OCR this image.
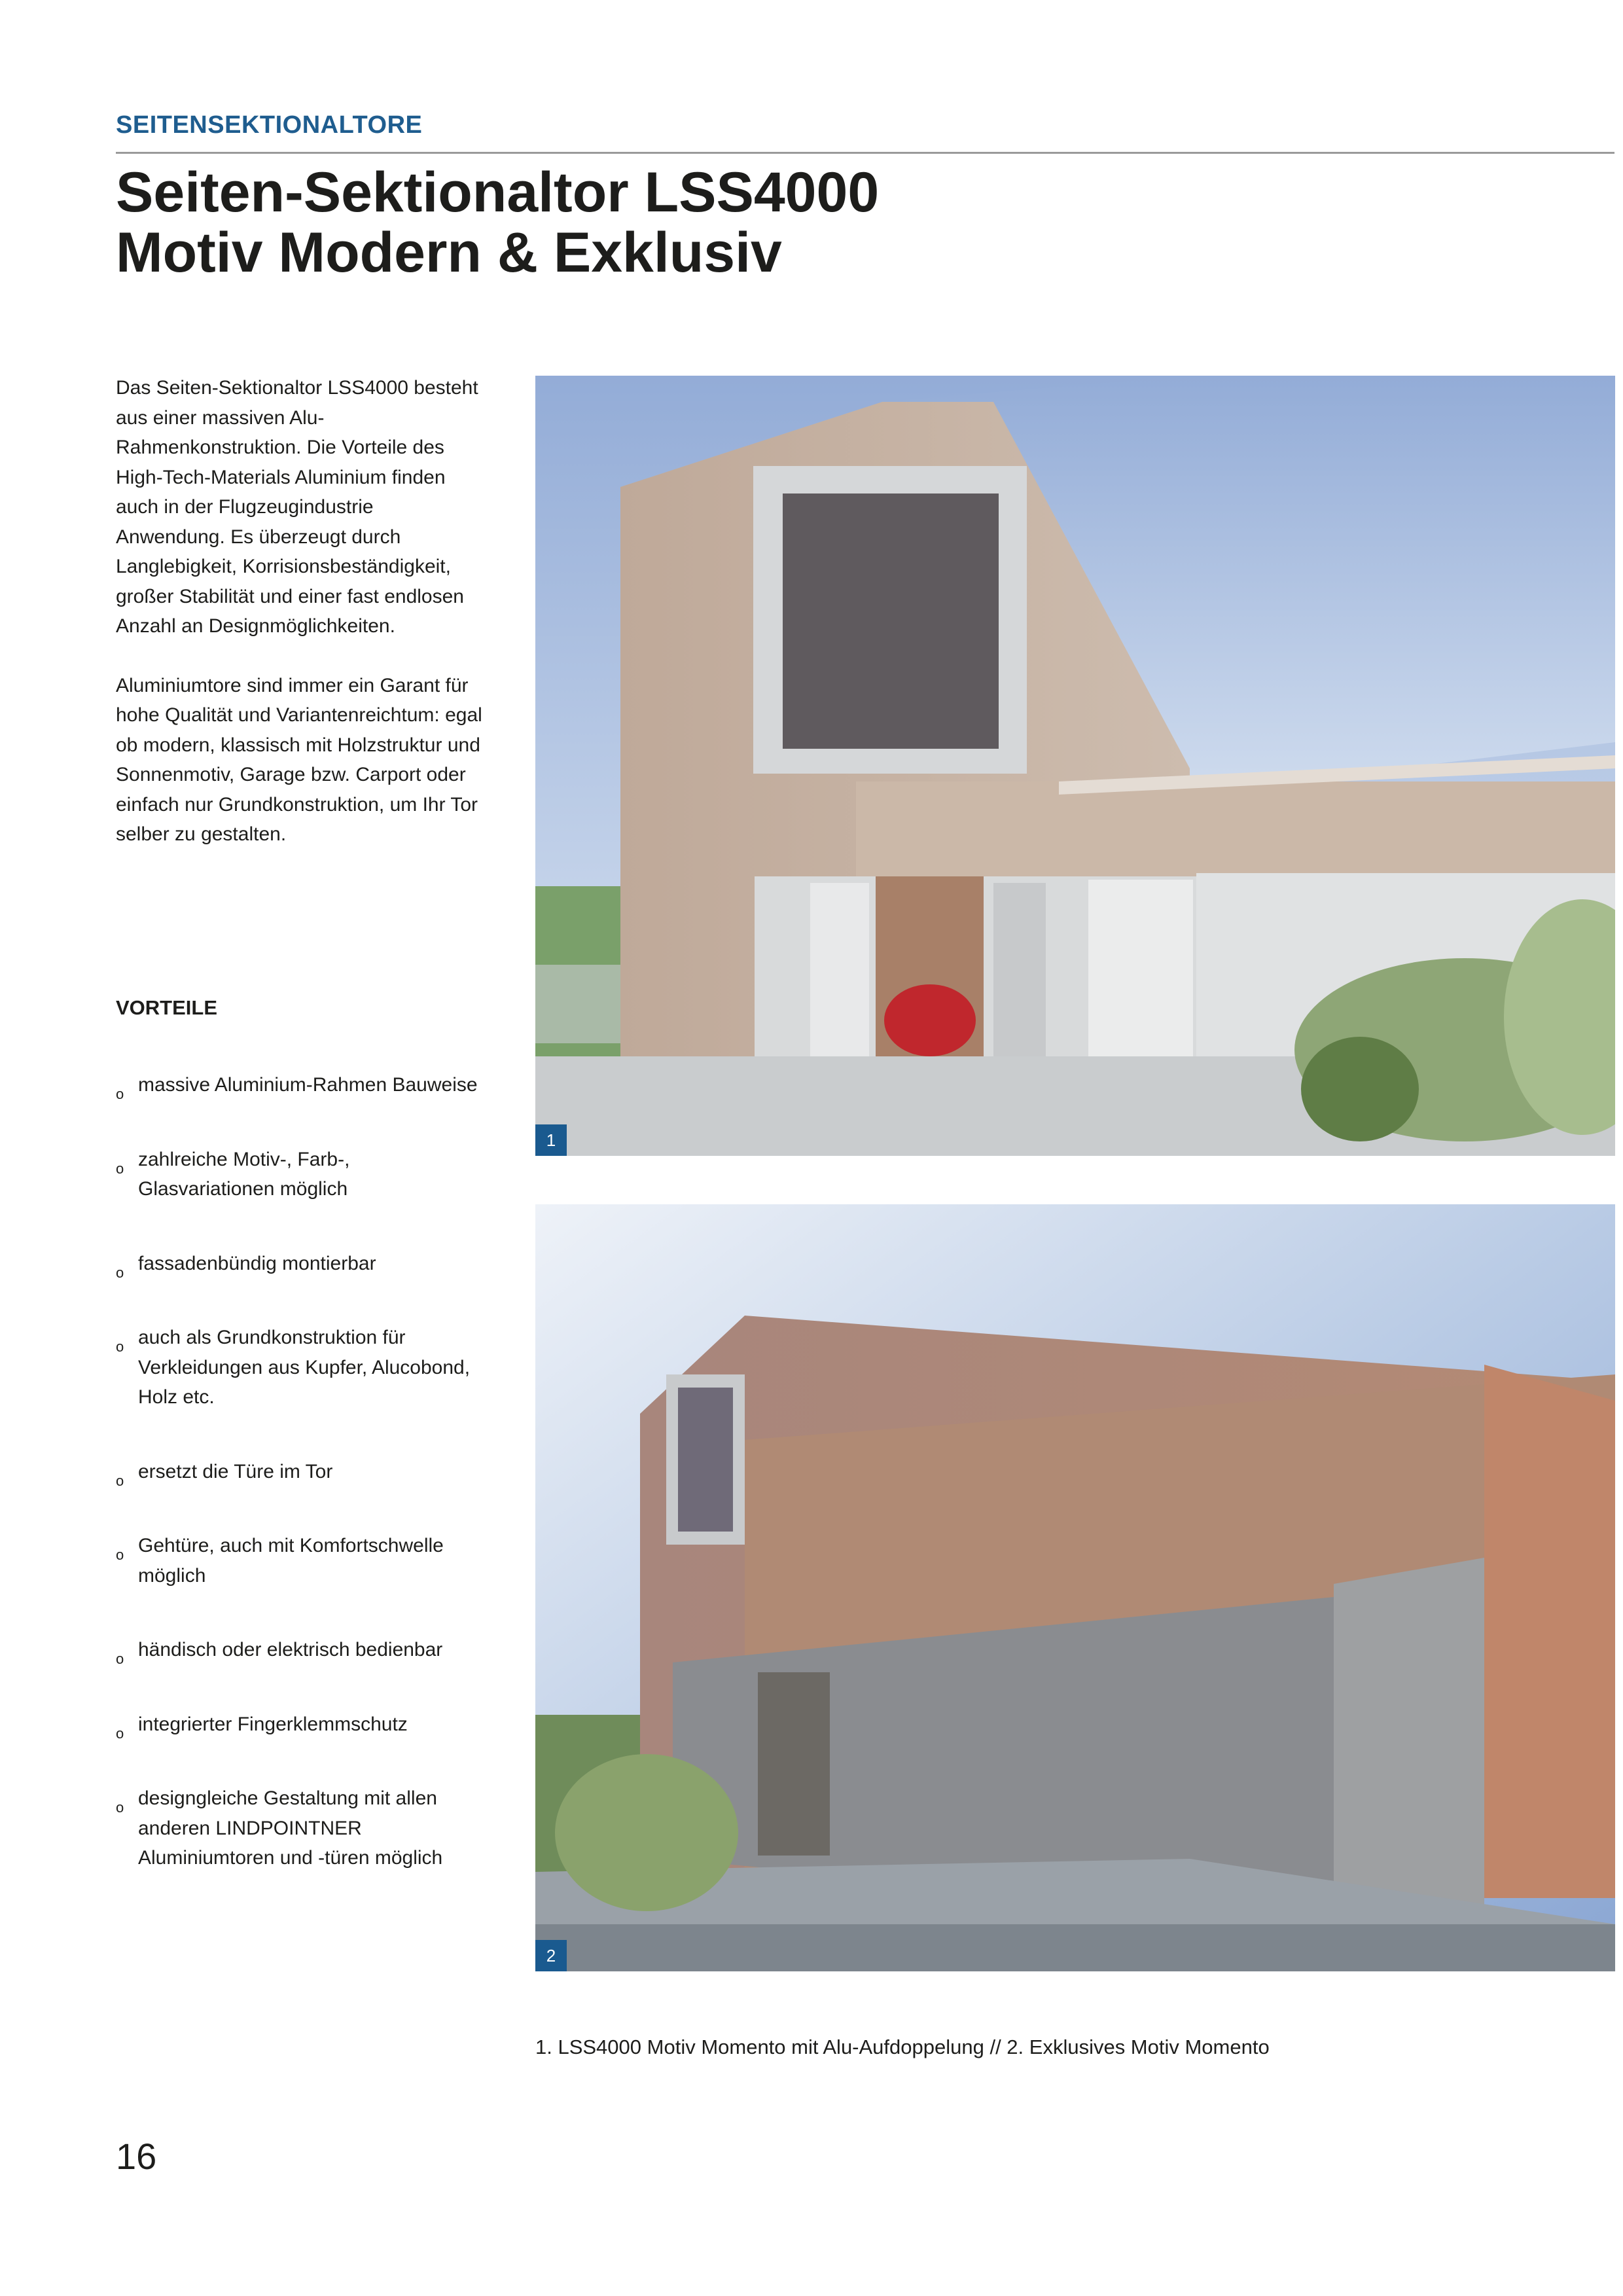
SEITENSEKTIONALTORE
Seiten-Sektionaltor LSS4000
Motiv Modern & Exklusiv

Das Seiten-Sektionaltor LSS4000 besteht aus einer massiven Alu-Rahmenkonstruktion. Die Vorteile des High-Tech-Materials Aluminium finden auch in der Flugzeugindustrie Anwendung. Es überzeugt durch Langlebigkeit, Korrisionsbeständigkeit, großer Stabilität und einer fast endlosen Anzahl an Designmöglichkeiten.

Aluminiumtore sind immer ein Garant für hohe Qualität und Variantenreichtum: egal ob modern, klassisch mit Holzstruktur und Sonnenmotiv, Garage bzw. Carport oder einfach nur Grundkonstruktion, um Ihr Tor selber zu gestalten.

VORTEILE
o massive Aluminium-Rahmen Bauweise
o zahlreiche Motiv-, Farb-, Glasvariationen möglich
o fassadenbündig montierbar
o auch als Grundkonstruktion für Verkleidungen aus Kupfer, Alucobond, Holz etc.
o ersetzt die Türe im Tor
o Gehtüre, auch mit Komfortschwelle möglich
o händisch oder elektrisch bedienbar
o integrierter Fingerklemmschutz
o designgleiche Gestaltung mit allen anderen LINDPOINTNER Aluminiumtoren und -türen möglich
1
2
1. LSS4000 Motiv Momento mit Alu-Aufdoppelung // 2. Exklusives Motiv Momento
16
